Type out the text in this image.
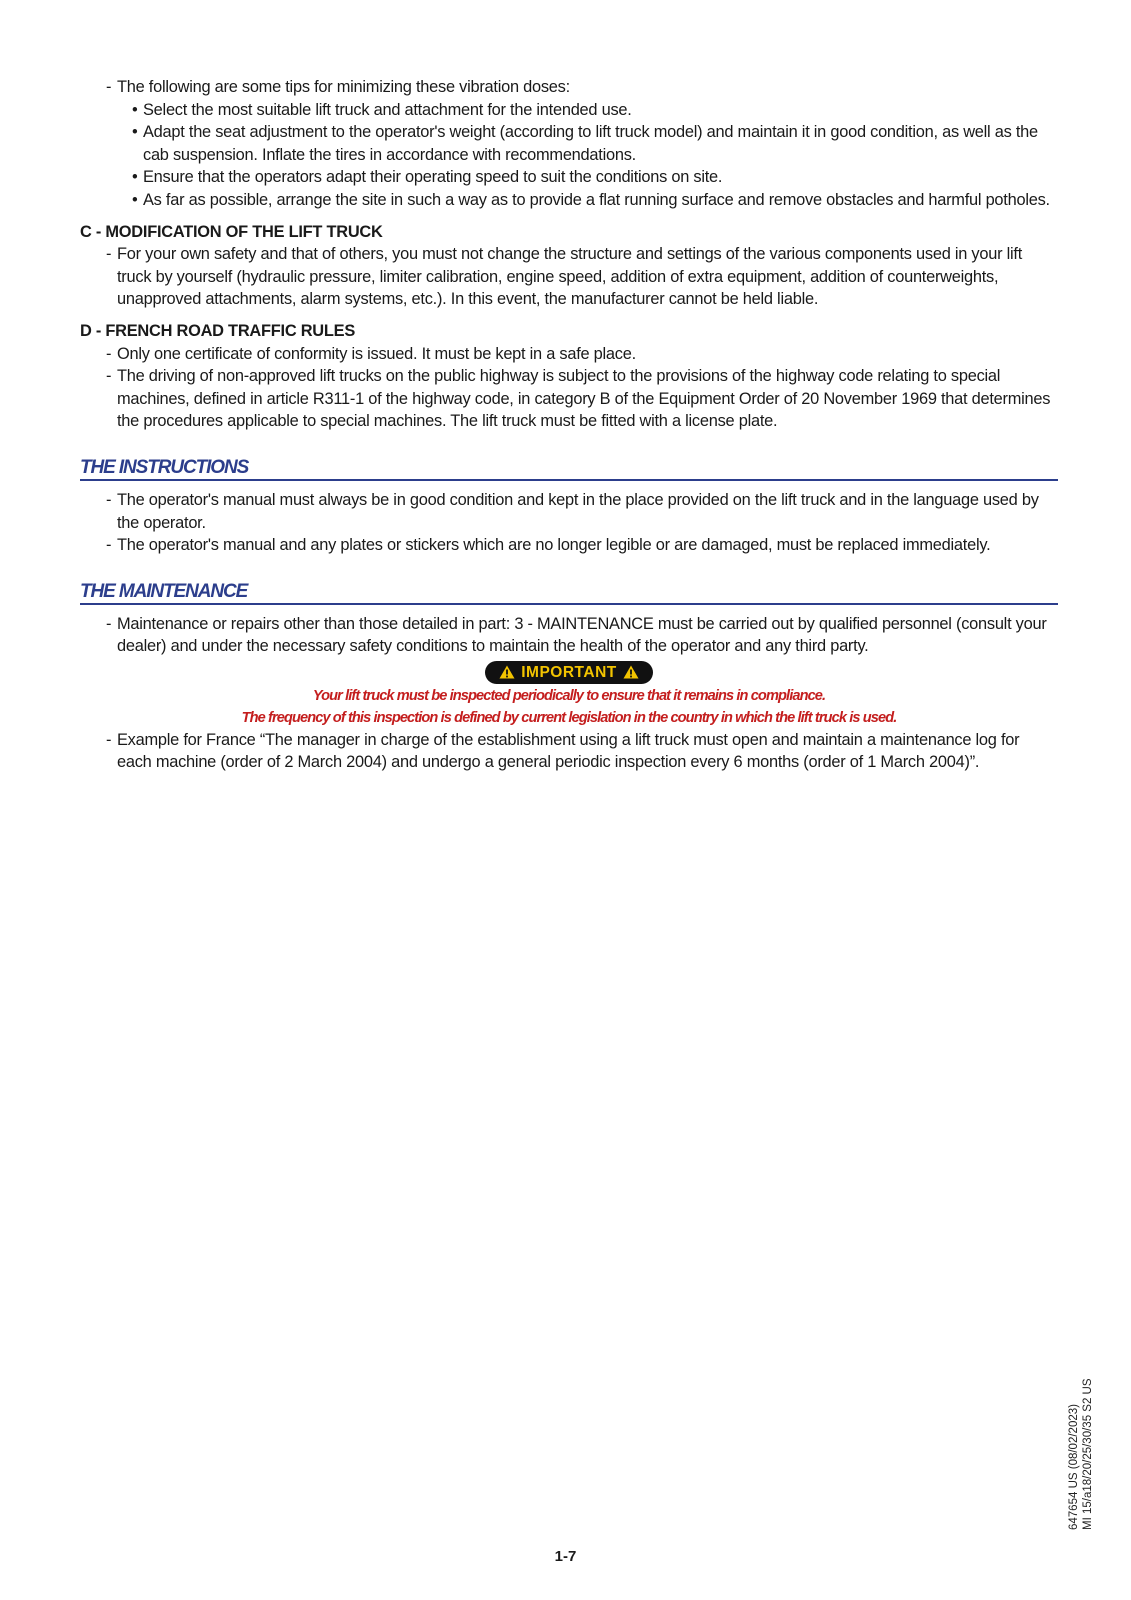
- The following are some tips for minimizing these vibration doses:
• Select the most suitable lift truck and attachment for the intended use.
• Adapt the seat adjustment to the operator's weight (according to lift truck model) and maintain it in good condition, as well as the cab suspension. Inflate the tires in accordance with recommendations.
• Ensure that the operators adapt their operating speed to suit the conditions on site.
• As far as possible, arrange the site in such a way as to provide a flat running surface and remove obstacles and harmful potholes.
C - MODIFICATION OF THE LIFT TRUCK
- For your own safety and that of others, you must not change the structure and settings of the various components used in your lift truck by yourself (hydraulic pressure, limiter calibration, engine speed, addition of extra equipment, addition of counterweights, unapproved attachments, alarm systems, etc.). In this event, the manufacturer cannot be held liable.
D - FRENCH ROAD TRAFFIC RULES
- Only one certificate of conformity is issued. It must be kept in a safe place.
- The driving of non-approved lift trucks on the public highway is subject to the provisions of the highway code relating to special machines, defined in article R311-1 of the highway code, in category B of the Equipment Order of 20 November 1969 that determines the procedures applicable to special machines. The lift truck must be fitted with a license plate.
THE INSTRUCTIONS
- The operator's manual must always be in good condition and kept in the place provided on the lift truck and in the language used by the operator.
- The operator's manual and any plates or stickers which are no longer legible or are damaged, must be replaced immediately.
THE MAINTENANCE
- Maintenance or repairs other than those detailed in part: 3 - MAINTENANCE must be carried out by qualified personnel (consult your dealer) and under the necessary safety conditions to maintain the health of the operator and any third party.
IMPORTANT
Your lift truck must be inspected periodically to ensure that it remains in compliance.
The frequency of this inspection is defined by current legislation in the country in which the lift truck is used.
- Example for France “The manager in charge of the establishment using a lift truck must open and maintain a maintenance log for each machine (order of 2 March 2004) and undergo a general periodic inspection every 6 months (order of 1 March 2004)”.
1-7
647654 US (08/02/2023) MI 15/a18/20/25/30/35 S2 US
